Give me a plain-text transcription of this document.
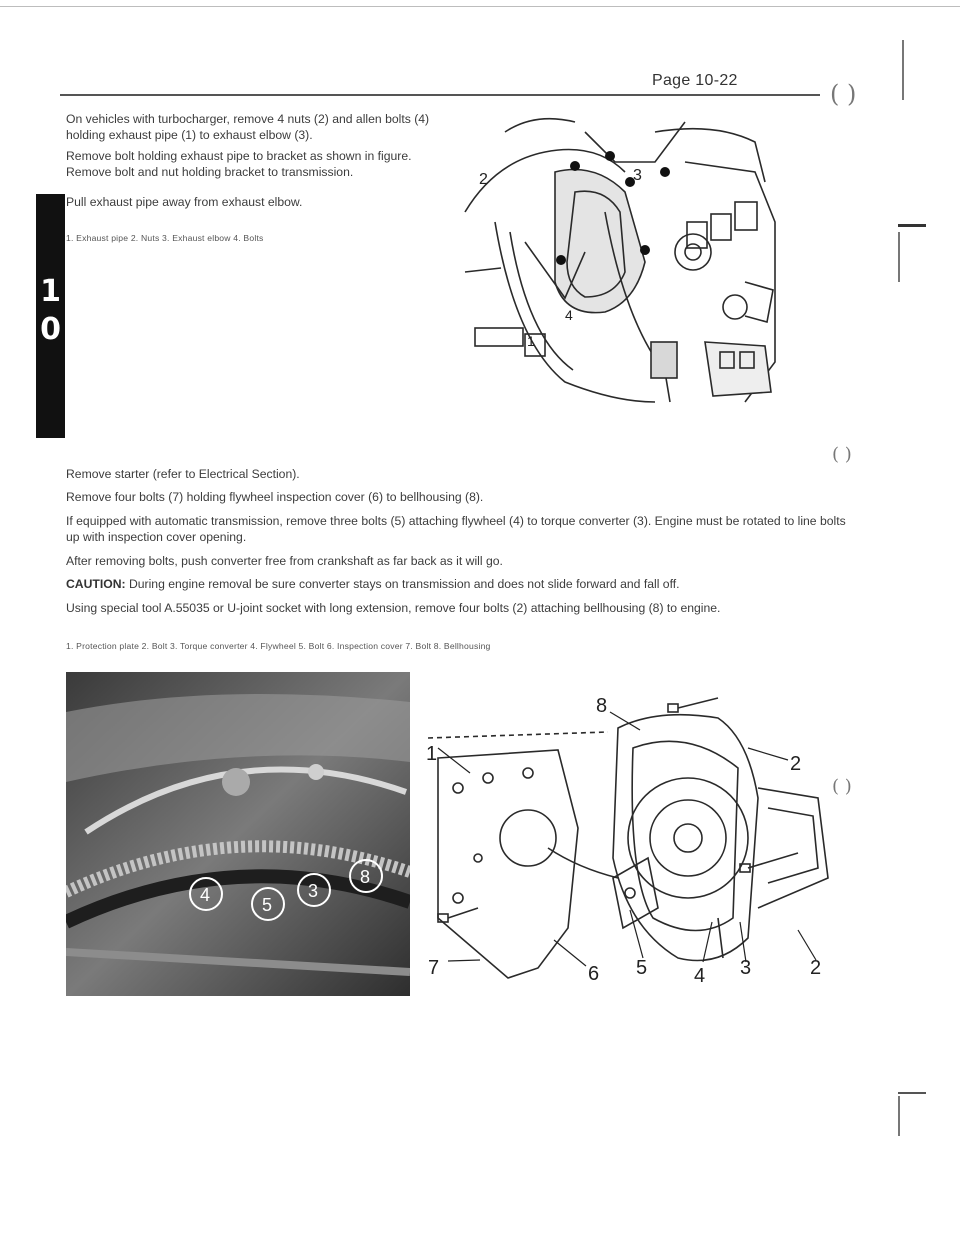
Page 10-22	( )
( )
( )
1
0

On vehicles with turbocharger, remove 4 nuts (2) and allen bolts (4) holding exhaust pipe (1) to exhaust elbow (3).

Remove bolt holding exhaust pipe to bracket as shown in figure. Remove bolt and nut holding bracket to transmission.

Pull exhaust pipe away from exhaust elbow.

1. Exhaust pipe 2. Nuts 3. Exhaust elbow 4. Bolts

2	3
4
1

Remove starter (refer to Electrical Section).

Remove four bolts (7) holding flywheel inspection cover (6) to bellhousing (8).

If equipped with automatic transmission, remove three bolts (5) attaching flywheel (4) to torque converter (3). Engine must be rotated to line bolts up with inspection cover opening.

After removing bolts, push converter free from crankshaft as far back as it will go.

CAUTION: During engine removal be sure converter stays on transmission and does not slide forward and fall off.

Using special tool A.55035 or U-joint socket with long extension, remove four bolts (2) attaching bellhousing (8) to engine.

1. Protection plate 2. Bolt 3. Torque converter 4. Flywheel 5. Bolt 6. Inspection cover 7. Bolt 8. Bellhousing

4	5
3
8
1
8
2
7	6 5 4 3	2
